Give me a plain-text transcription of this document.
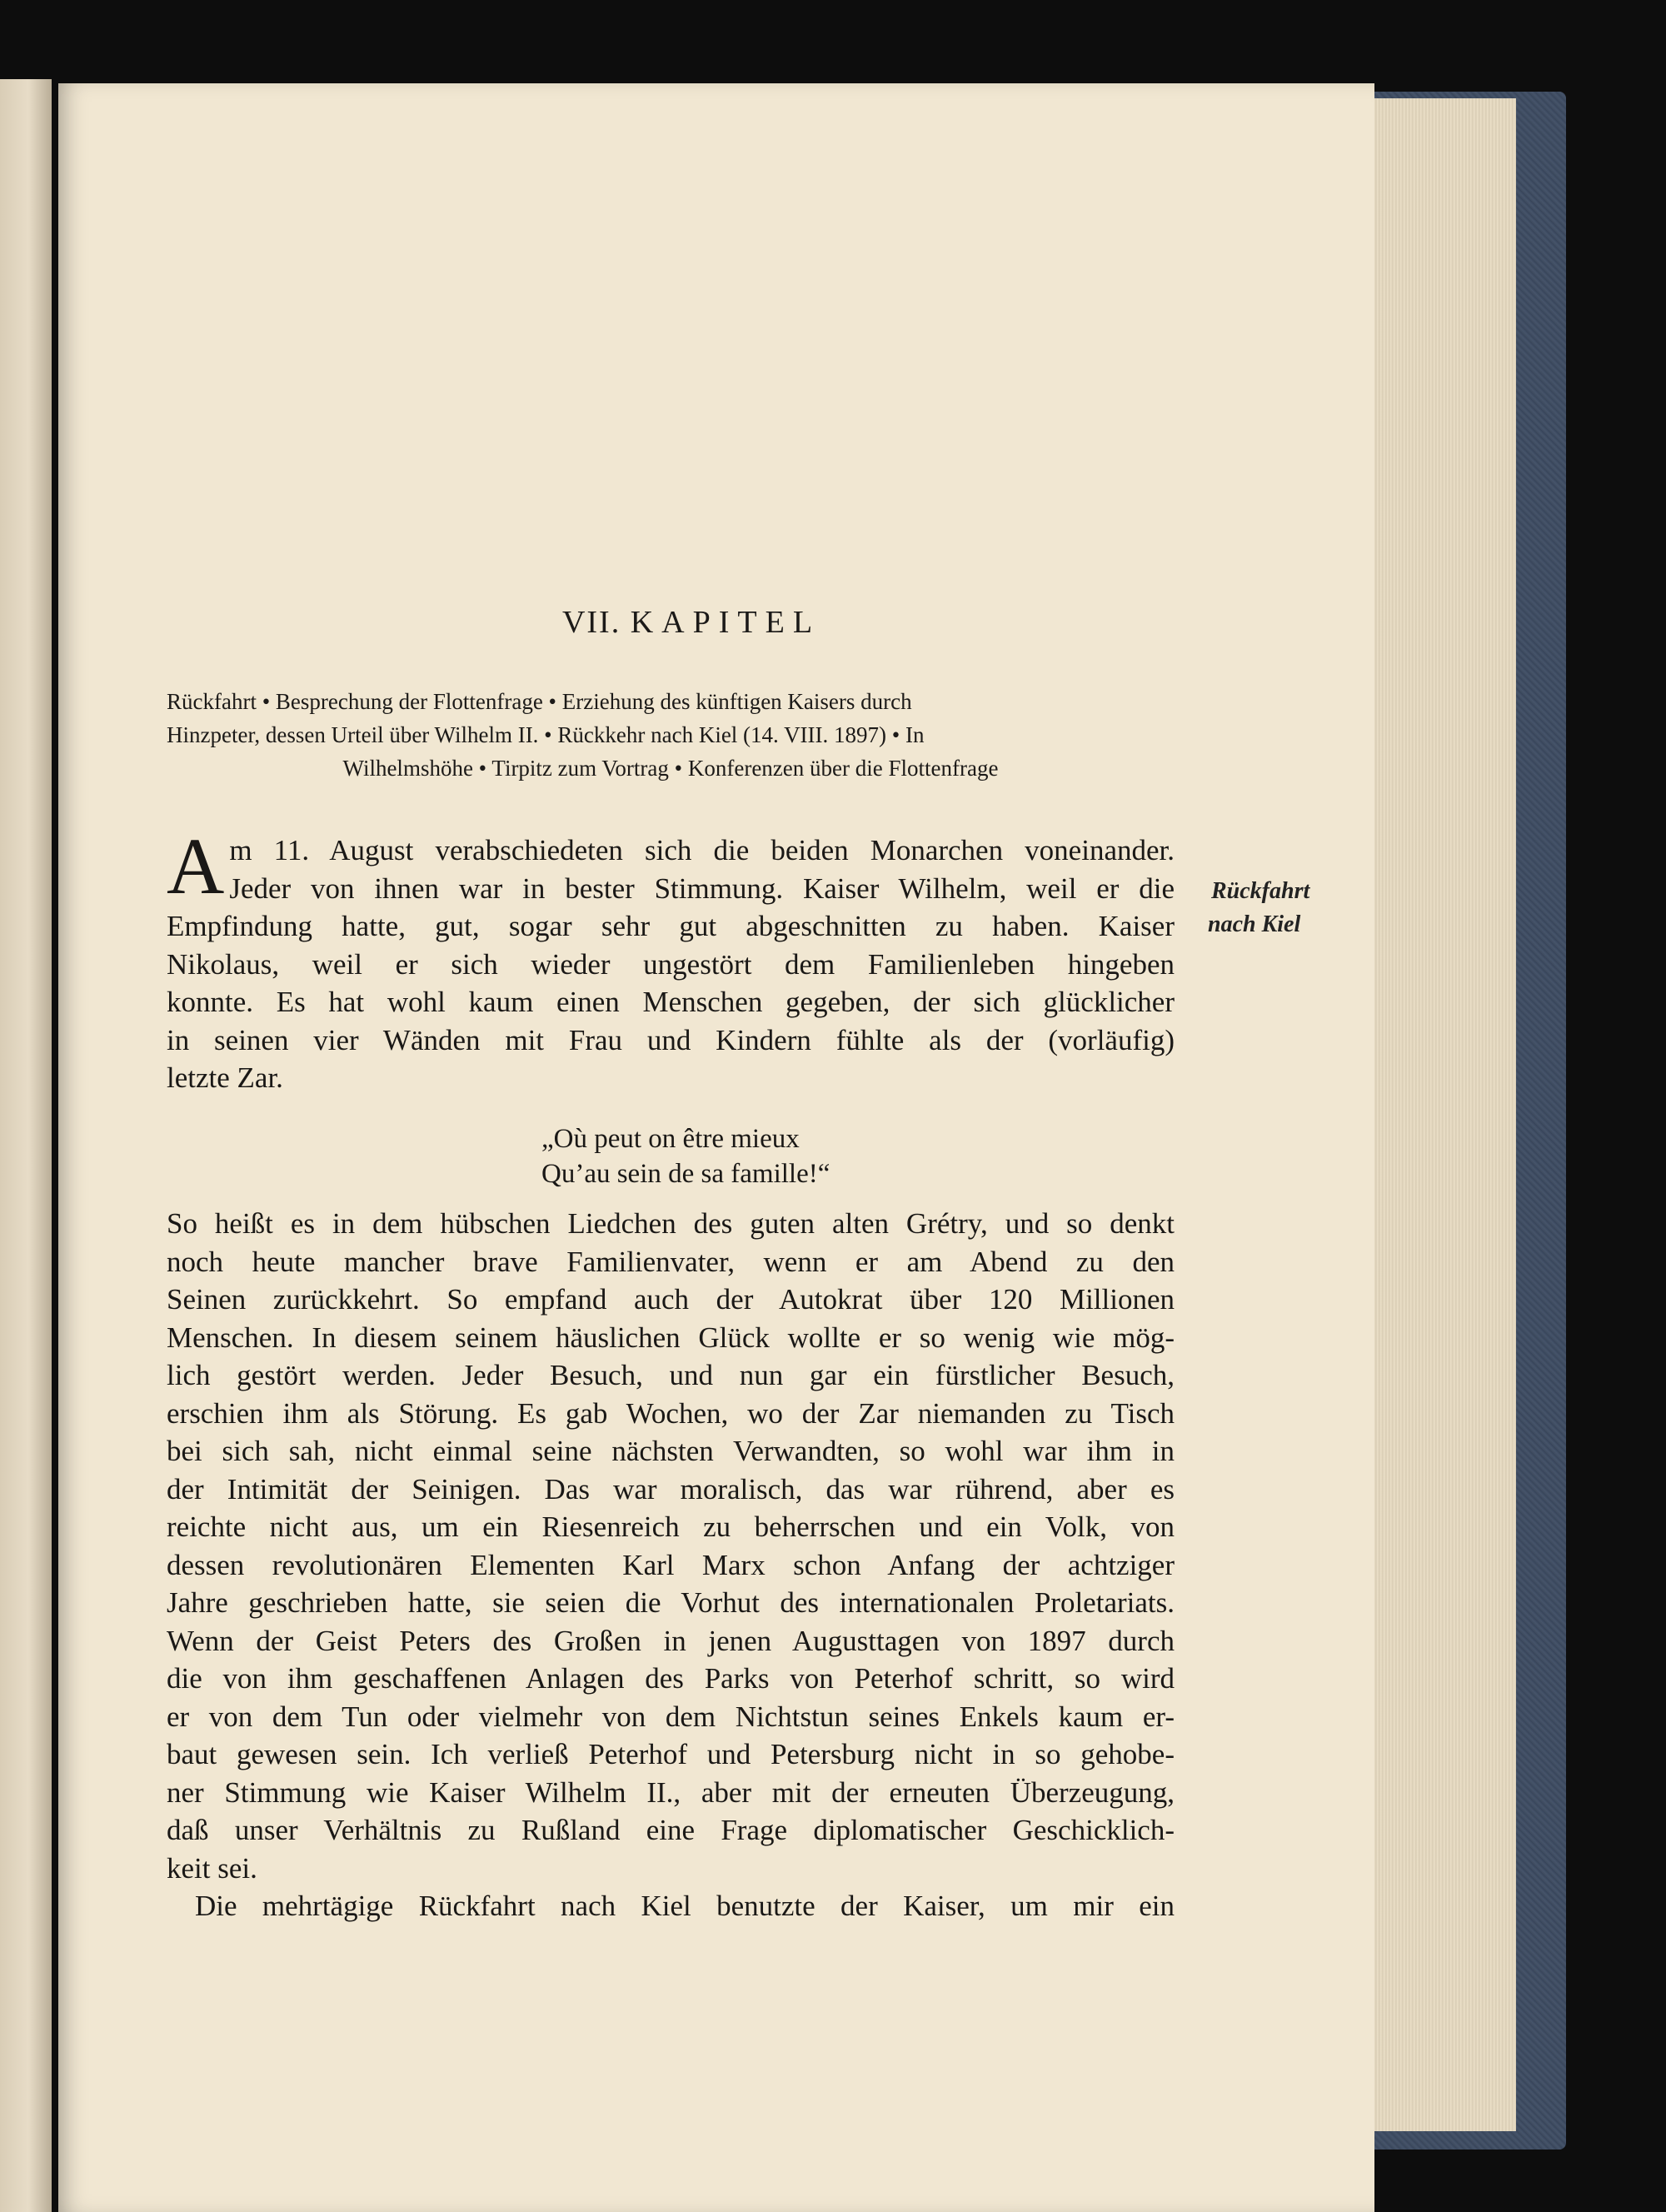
VII. KAPITEL
Rückfahrt • Besprechung der Flottenfrage • Erziehung des künftigen Kaisers durch
Hinzpeter, dessen Urteil über Wilhelm II. • Rückkehr nach Kiel (14. VIII. 1897) • In
Wilhelmshöhe • Tirpitz zum Vortrag • Konferenzen über die Flottenfrage
A m 11. August verabschiedeten sich die beiden Monarchen voneinander.
Jeder von ihnen war in bester Stimmung. Kaiser Wilhelm, weil er die
Empfindung hatte, gut, sogar sehr gut abgeschnitten zu haben. Kaiser
Nikolaus, weil er sich wieder ungestört dem Familienleben hingeben
konnte. Es hat wohl kaum einen Menschen gegeben, der sich glücklicher
in seinen vier Wänden mit Frau und Kindern fühlte als der (vorläufig)
letzte Zar.
Rückfahrt
nach Kiel
„Où peut on être mieux
Qu’au sein de sa famille!“
So heißt es in dem hübschen Liedchen des guten alten Grétry, und so denkt
noch heute mancher brave Familienvater, wenn er am Abend zu den
Seinen zurückkehrt. So empfand auch der Autokrat über 120 Millionen
Menschen. In diesem seinem häuslichen Glück wollte er so wenig wie mög-
lich gestört werden. Jeder Besuch, und nun gar ein fürstlicher Besuch,
erschien ihm als Störung. Es gab Wochen, wo der Zar niemanden zu Tisch
bei sich sah, nicht einmal seine nächsten Verwandten, so wohl war ihm in
der Intimität der Seinigen. Das war moralisch, das war rührend, aber es
reichte nicht aus, um ein Riesenreich zu beherrschen und ein Volk, von
dessen revolutionären Elementen Karl Marx schon Anfang der achtziger
Jahre geschrieben hatte, sie seien die Vorhut des internationalen Proletariats.
Wenn der Geist Peters des Großen in jenen Augusttagen von 1897 durch
die von ihm geschaffenen Anlagen des Parks von Peterhof schritt, so wird
er von dem Tun oder vielmehr von dem Nichtstun seines Enkels kaum er-
baut gewesen sein. Ich verließ Peterhof und Petersburg nicht in so gehobe-
ner Stimmung wie Kaiser Wilhelm II., aber mit der erneuten Überzeugung,
daß unser Verhältnis zu Rußland eine Frage diplomatischer Geschicklich-
keit sei.
Die mehrtägige Rückfahrt nach Kiel benutzte der Kaiser, um mir ein
